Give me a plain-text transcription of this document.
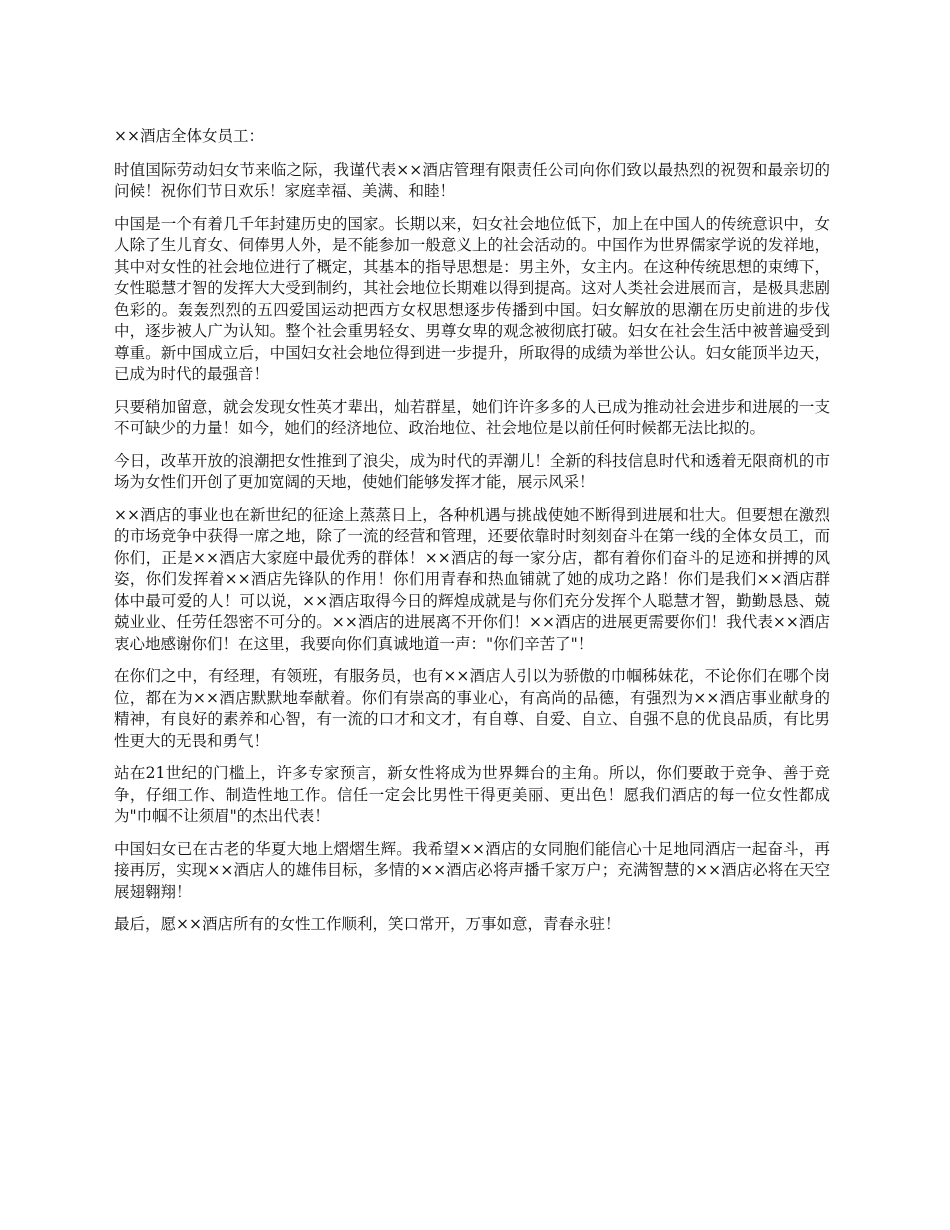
××酒店全体女员工：

时值国际劳动妇女节来临之际，我谨代表××酒店管理有限责任公司向你们致以最热烈的祝贺和最亲切的问候！祝你们节日欢乐！家庭幸福、美满、和睦！

中国是一个有着几千年封建历史的国家。长期以来，妇女社会地位低下，加上在中国人的传统意识中，女人除了生儿育女、伺俸男人外，是不能参加一般意义上的社会活动的。中国作为世界儒家学说的发祥地，其中对女性的社会地位进行了概定，其基本的指导思想是：男主外，女主内。在这种传统思想的束缚下，女性聪慧才智的发挥大大受到制约，其社会地位长期难以得到提高。这对人类社会进展而言，是极具悲剧色彩的。轰轰烈烈的五四爱国运动把西方女权思想逐步传播到中国。妇女解放的思潮在历史前进的步伐中，逐步被人广为认知。整个社会重男轻女、男尊女卑的观念被彻底打破。妇女在社会生活中被普遍受到尊重。新中国成立后，中国妇女社会地位得到进一步提升，所取得的成绩为举世公认。妇女能顶半边天，已成为时代的最强音！

只要稍加留意，就会发现女性英才辈出，灿若群星，她们许许多多的人已成为推动社会进步和进展的一支不可缺少的力量！如今，她们的经济地位、政治地位、社会地位是以前任何时候都无法比拟的。

今日，改革开放的浪潮把女性推到了浪尖，成为时代的弄潮儿！全新的科技信息时代和透着无限商机的市场为女性们开创了更加宽阔的天地，使她们能够发挥才能，展示风采！

××酒店的事业也在新世纪的征途上蒸蒸日上，各种机遇与挑战使她不断得到进展和壮大。但要想在激烈的市场竞争中获得一席之地，除了一流的经营和管理，还要依靠时时刻刻奋斗在第一线的全体女员工，而你们，正是××酒店大家庭中最优秀的群体！××酒店的每一家分店，都有着你们奋斗的足迹和拼搏的风姿，你们发挥着××酒店先锋队的作用！你们用青春和热血铺就了她的成功之路！你们是我们××酒店群体中最可爱的人！可以说，××酒店取得今日的辉煌成就是与你们充分发挥个人聪慧才智，勤勤恳恳、兢兢业业、任劳任怨密不可分的。××酒店的进展离不开你们！××酒店的进展更需要你们！我代表××酒店衷心地感谢你们！在这里，我要向你们真诚地道一声："你们辛苦了"！

在你们之中，有经理，有领班，有服务员，也有××酒店人引以为骄傲的巾帼秭妹花，不论你们在哪个岗位，都在为××酒店默默地奉献着。你们有崇高的事业心，有高尚的品德，有强烈为××酒店事业献身的精神，有良好的素养和心智，有一流的口才和文才，有自尊、自爱、自立、自强不息的优良品质，有比男性更大的无畏和勇气！

站在21世纪的门槛上，许多专家预言，新女性将成为世界舞台的主角。所以，你们要敢于竞争、善于竞争，仔细工作、制造性地工作。信任一定会比男性干得更美丽、更出色！愿我们酒店的每一位女性都成为"巾帼不让须眉"的杰出代表！

中国妇女已在古老的华夏大地上熠熠生辉。我希望××酒店的女同胞们能信心十足地同酒店一起奋斗，再接再厉，实现××酒店人的雄伟目标，多情的××酒店必将声播千家万户；充满智慧的××酒店必将在天空展翅翱翔！

最后，愿××酒店所有的女性工作顺利，笑口常开，万事如意，青春永驻！
